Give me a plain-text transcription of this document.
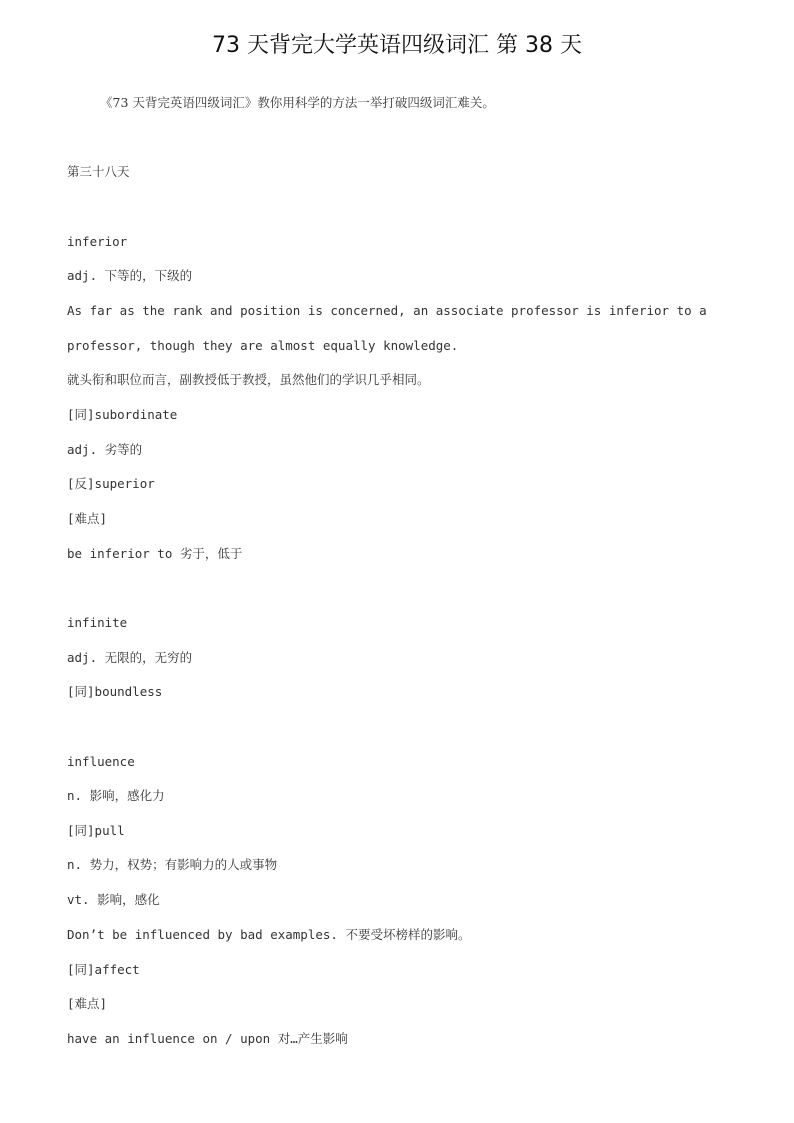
73 天背完大学英语四级词汇 第 38 天
《73 天背完英语四级词汇》教你用科学的方法一举打破四级词汇难关。
第三十八天
inferior
adj. 下等的，下级的
As far as the rank and position is concerned, an associate professor is inferior to a
professor, though they are almost equally knowledge.
就头衔和职位而言，副教授低于教授，虽然他们的学识几乎相同。
[同]subordinate
adj. 劣等的
[反]superior
[难点]
be inferior to 劣于，低于
infinite
adj. 无限的，无穷的
[同]boundless
influence
n. 影响，感化力
[同]pull
n. 势力，权势；有影响力的人或事物
vt. 影响，感化
Don’t be influenced by bad examples. 不要受坏榜样的影响。
[同]affect
[难点]
have an influence on / upon 对…产生影响
